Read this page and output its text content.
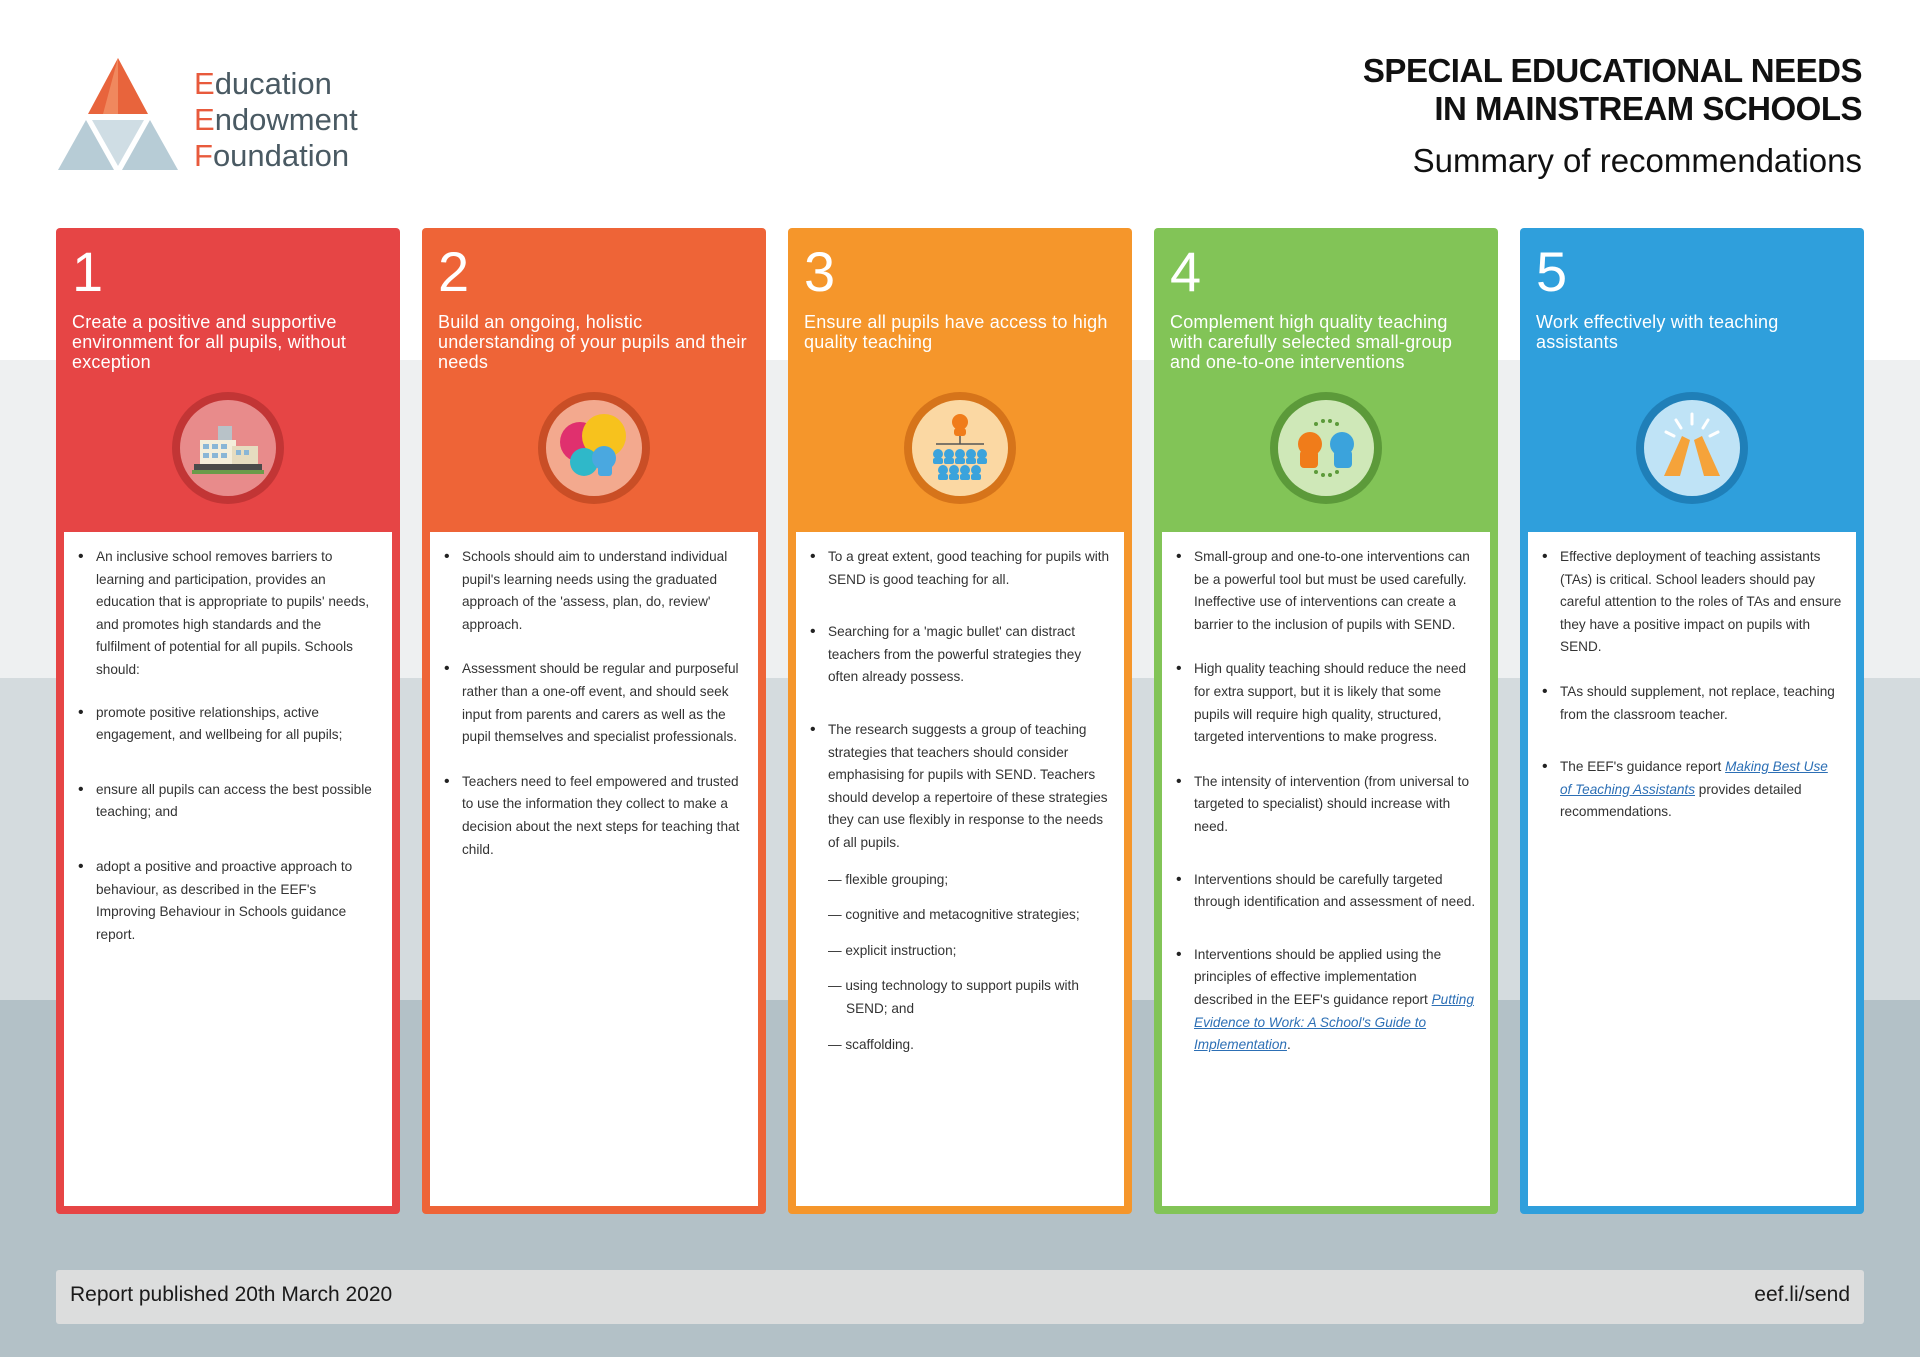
Education
Endowment
Foundation
SPECIAL EDUCATIONAL NEEDS
IN MAINSTREAM SCHOOLS
Summary of recommendations
1
Create a positive and supportive environment for all pupils, without exception
• An inclusive school removes barriers to learning and participation, provides an education that is appropriate to pupils' needs, and promotes high standards and the fulfilment of potential for all pupils. Schools should:
• promote positive relationships, active engagement, and wellbeing for all pupils;
• ensure all pupils can access the best possible teaching; and
• adopt a positive and proactive approach to behaviour, as described in the EEF's Improving Behaviour in Schools guidance report.
2
Build an ongoing, holistic understanding of your pupils and their needs
• Schools should aim to understand individual pupil's learning needs using the graduated approach of the 'assess, plan, do, review' approach.
• Assessment should be regular and purposeful rather than a one-off event, and should seek input from parents and carers as well as the pupil themselves and specialist professionals.
• Teachers need to feel empowered and trusted to use the information they collect to make a decision about the next steps for teaching that child.
3
Ensure all pupils have access to high quality teaching
• To a great extent, good teaching for pupils with SEND is good teaching for all.
• Searching for a 'magic bullet' can distract teachers from the powerful strategies they often already possess.
• The research suggests a group of teaching strategies that teachers should consider emphasising for pupils with SEND. Teachers should develop a repertoire of these strategies they can use flexibly in response to the needs of all pupils.
— flexible grouping;
— cognitive and metacognitive strategies;
— explicit instruction;
— using technology to support pupils with SEND; and
— scaffolding.
4
Complement high quality teaching with carefully selected small-group and one-to-one interventions
• Small-group and one-to-one interventions can be a powerful tool but must be used carefully. Ineffective use of interventions can create a barrier to the inclusion of pupils with SEND.
• High quality teaching should reduce the need for extra support, but it is likely that some pupils will require high quality, structured, targeted interventions to make progress.
• The intensity of intervention (from universal to targeted to specialist) should increase with need.
• Interventions should be carefully targeted through identification and assessment of need.
• Interventions should be applied using the principles of effective implementation described in the EEF's guidance report Putting Evidence to Work: A School's Guide to Implementation.
5
Work effectively with teaching assistants
• Effective deployment of teaching assistants (TAs) is critical. School leaders should pay careful attention to the roles of TAs and ensure they have a positive impact on pupils with SEND.
• TAs should supplement, not replace, teaching from the classroom teacher.
• The EEF's guidance report Making Best Use of Teaching Assistants provides detailed recommendations.
Report published 20th March 2020	eef.li/send
